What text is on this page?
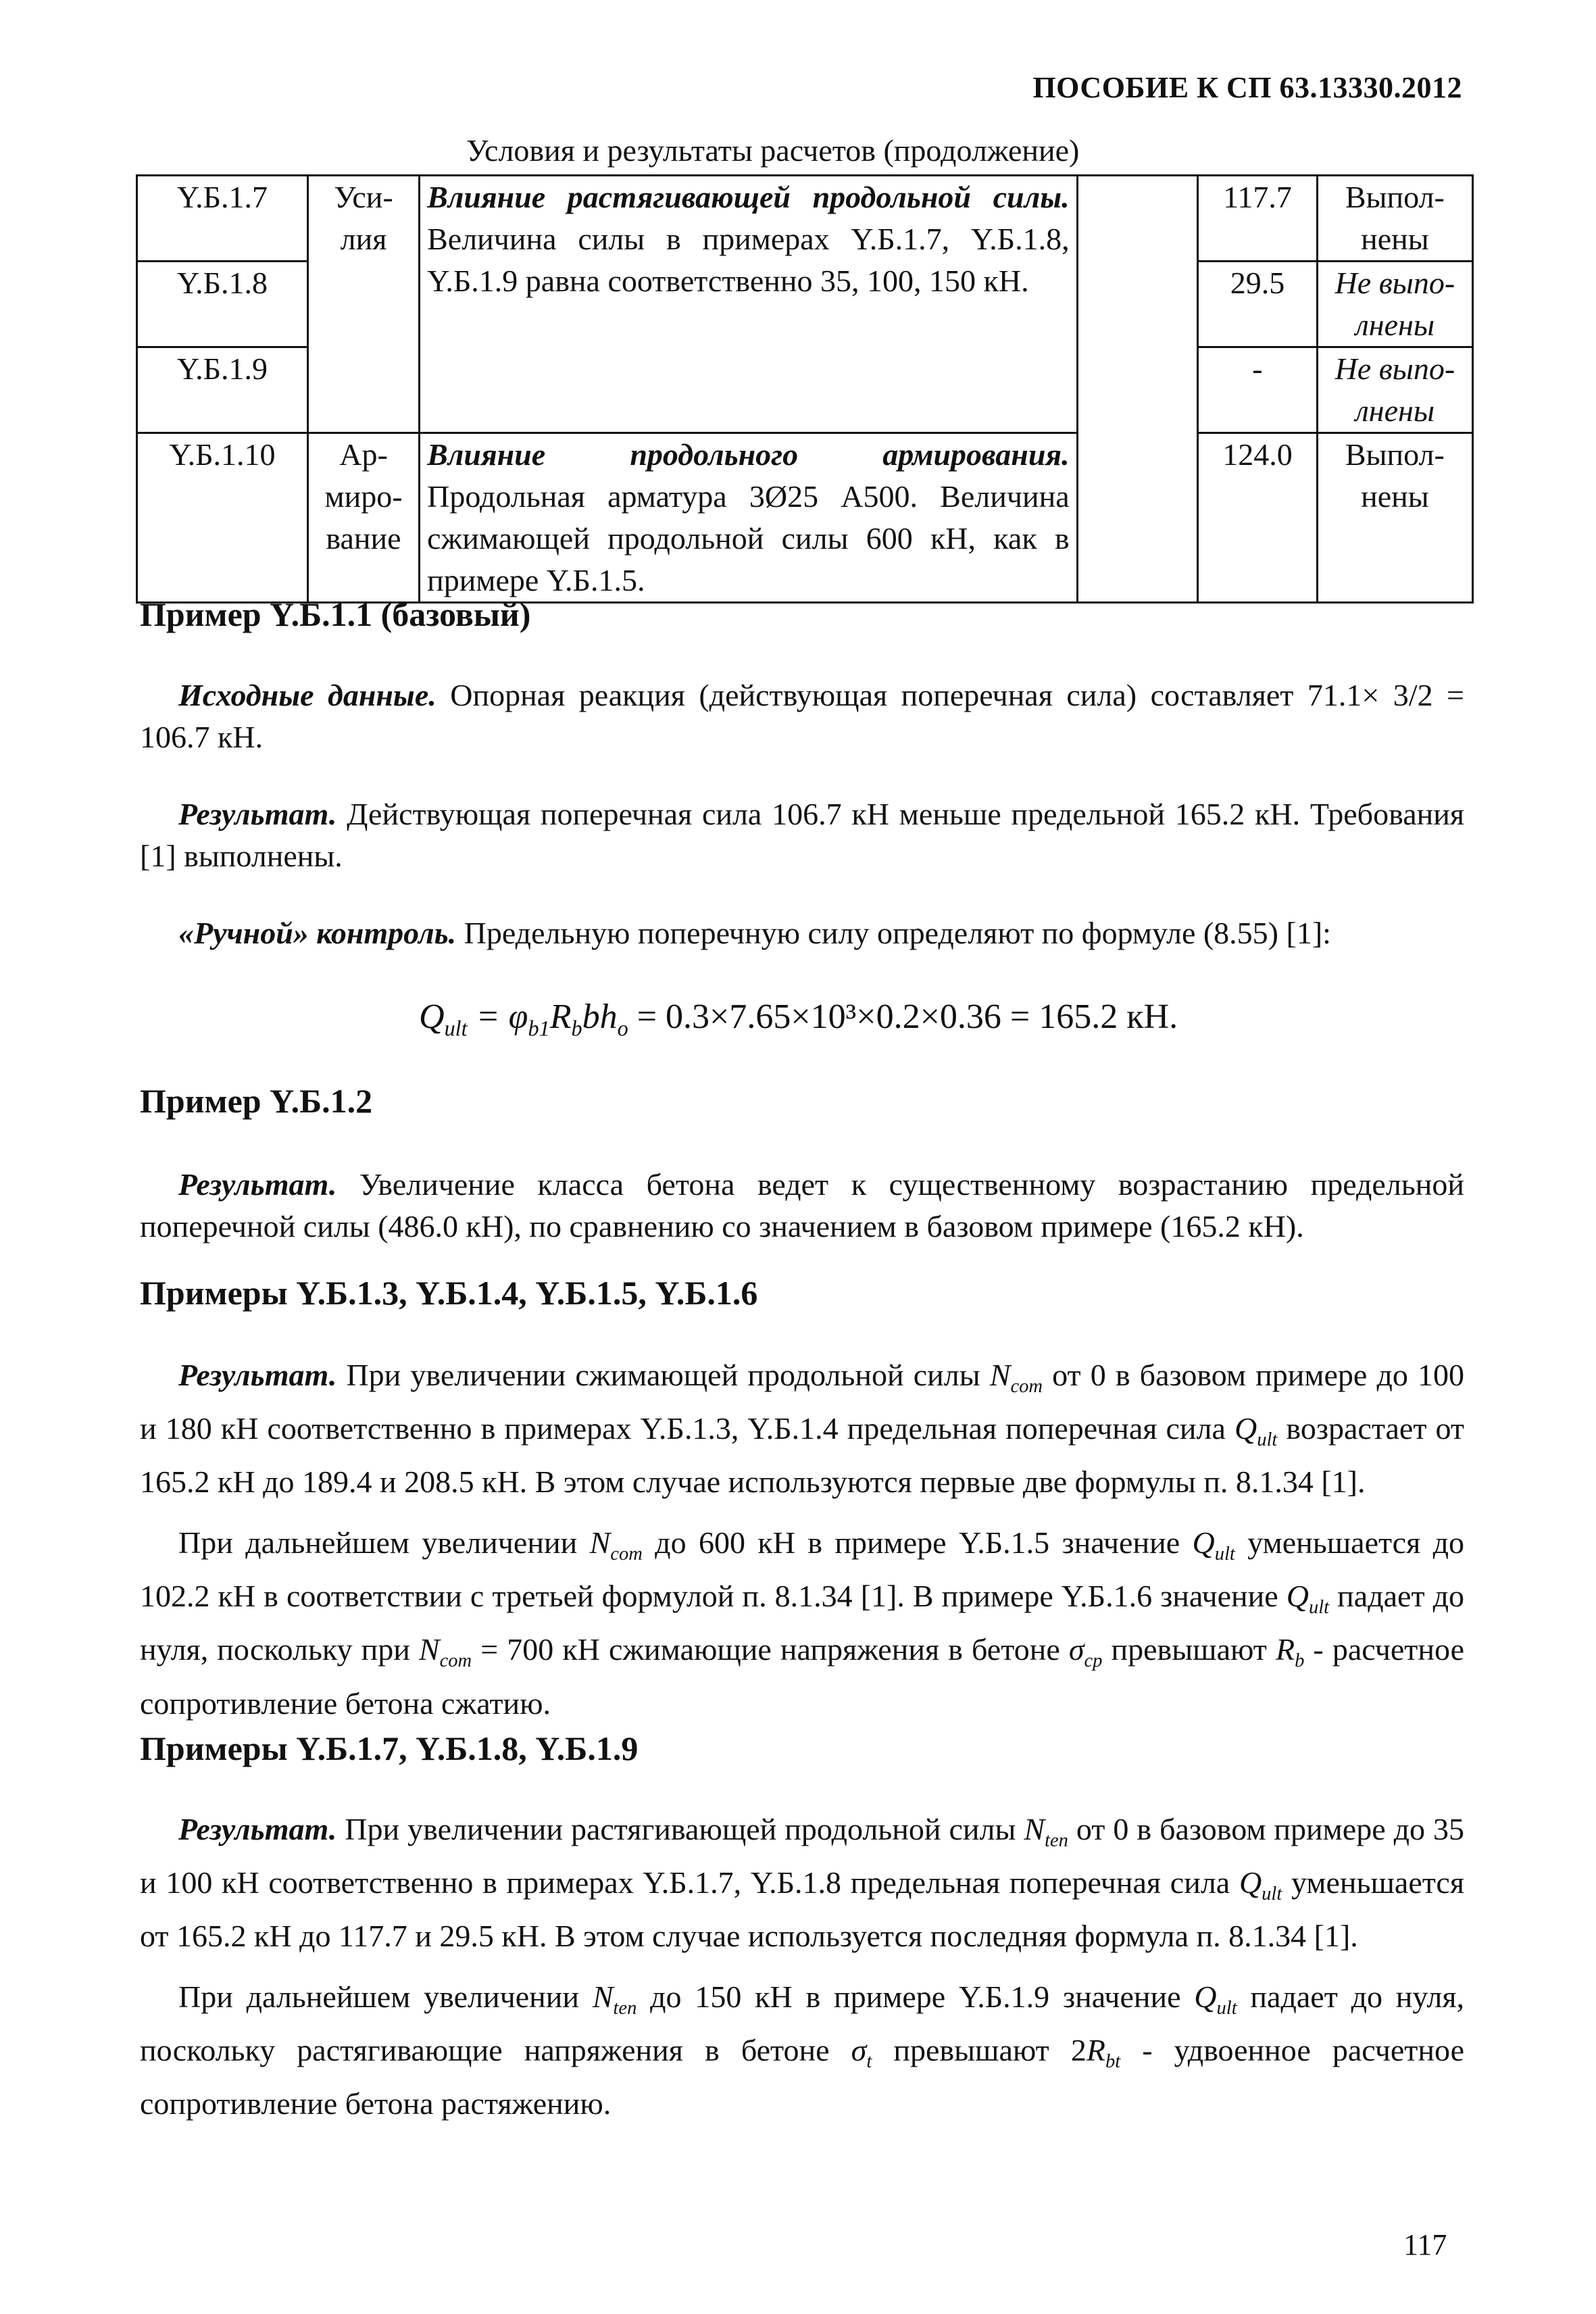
ПОСОБИЕ К СП 63.13330.2012
Условия и результаты расчетов (продолжение)
Y.Б.1.7	Уси-лия	Влияние растягивающей продольной силы. Величина силы в примерах Y.Б.1.7, Y.Б.1.8, Y.Б.1.9 равна соответственно 35, 100, 150 кН.		117.7	Выпол-нены
Y.Б.1.8				29.5	Не выпо-лнены
Y.Б.1.9				-	Не выпо-лнены
Y.Б.1.10	Ар-миро-вание	Влияние продольного армирования. Продольная арматура 3Ø25 А500. Величина сжимающей продольной силы 600 кН, как в примере Y.Б.1.5.		124.0	Выпол-нены
Пример Y.Б.1.1 (базовый)
Исходные данные. Опорная реакция (действующая поперечная сила) составляет 71.1× 3/2 = 106.7 кН.
Результат. Действующая поперечная сила 106.7 кН меньше предельной 165.2 кН. Требования [1] выполнены.
«Ручной» контроль. Предельную поперечную силу определяют по формуле (8.55) [1]:
$Q_{ult} = \varphi_{b1}R_bbh_o = 0.3\times 7.65\times 10^3\times 0.2\times 0.36 = 165.2$ кН.
Пример Y.Б.1.2
Результат. Увеличение класса бетона ведет к существенному возрастанию предельной поперечной силы (486.0 кН), по сравнению со значением в базовом примере (165.2 кН).
Примеры Y.Б.1.3, Y.Б.1.4, Y.Б.1.5, Y.Б.1.6
Результат. При увеличении сжимающей продольной силы $N_{com}$ от 0 в базовом примере до 100 и 180 кН соответственно в примерах Y.Б.1.3, Y.Б.1.4 предельная поперечная сила $Q_{ult}$ возрастает от 165.2 кН до 189.4 и 208.5 кН. В этом случае используются первые две формулы п. 8.1.34 [1].
При дальнейшем увеличении $N_{com}$ до 600 кН в примере Y.Б.1.5 значение $Q_{ult}$ уменьшается до 102.2 кН в соответствии с третьей формулой п. 8.1.34 [1]. В примере Y.Б.1.6 значение $Q_{ult}$ падает до нуля, поскольку при $N_{com} = 700$ кН сжимающие напряжения в бетоне $\sigma_{cp}$ превышают $R_b$ - расчетное сопротивление бетона сжатию.
Примеры Y.Б.1.7, Y.Б.1.8, Y.Б.1.9
Результат. При увеличении растягивающей продольной силы $N_{ten}$ от 0 в базовом примере до 35 и 100 кН соответственно в примерах Y.Б.1.7, Y.Б.1.8 предельная поперечная сила $Q_{ult}$ уменьшается от 165.2 кН до 117.7 и 29.5 кН. В этом случае используется последняя формула п. 8.1.34 [1].
При дальнейшем увеличении $N_{ten}$ до 150 кН в примере Y.Б.1.9 значение $Q_{ult}$ падает до нуля, поскольку растягивающие напряжения в бетоне $\sigma_t$ превышают $2R_{bt}$ - удвоенное расчетное сопротивление бетона растяжению.
117
